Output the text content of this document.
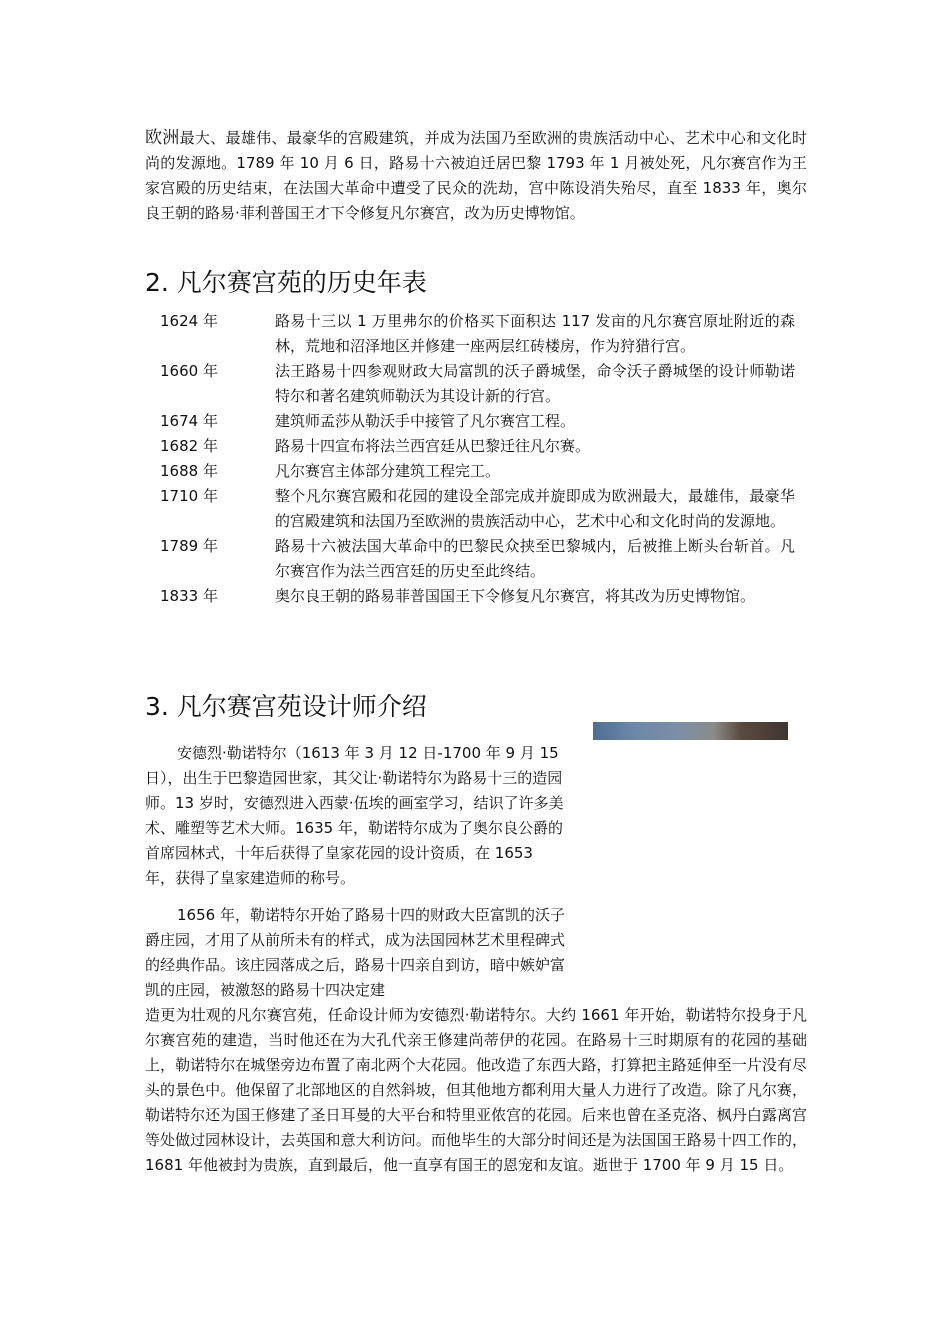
欧洲最大、最雄伟、最豪华的宫殿建筑，并成为法国乃至欧洲的贵族活动中心、艺术中心和文化时尚的发源地。1789 年 10 月 6 日，路易十六被迫迁居巴黎 1793 年 1 月被处死，凡尔赛宫作为王家宫殿的历史结束，在法国大革命中遭受了民众的洗劫，宫中陈设消失殆尽，直至 1833 年，奥尔良王朝的路易·菲利普国王才下令修复凡尔赛宫，改为历史博物馆。

2. 凡尔赛宫苑的历史年表
1624 年	路易十三以 1 万里弗尔的价格买下面积达 117 发亩的凡尔赛宫原址附近的森林，荒地和沼泽地区并修建一座两层红砖楼房，作为狩猎行宫。
1660 年	法王路易十四参观财政大局富凯的沃子爵城堡，命令沃子爵城堡的设计师勒诺特尔和著名建筑师勒沃为其设计新的行宫。
1674 年	建筑师孟莎从勒沃手中接管了凡尔赛宫工程。
1682 年	路易十四宣布将法兰西宫廷从巴黎迁往凡尔赛。
1688 年	凡尔赛宫主体部分建筑工程完工。
1710 年	整个凡尔赛宫殿和花园的建设全部完成并旋即成为欧洲最大，最雄伟，最豪华的宫殿建筑和法国乃至欧洲的贵族活动中心，艺术中心和文化时尚的发源地。
1789 年	路易十六被法国大革命中的巴黎民众挟至巴黎城内，后被推上断头台斩首。凡尔赛宫作为法兰西宫廷的历史至此终结。
1833 年	奥尔良王朝的路易菲普国国王下令修复凡尔赛宫，将其改为历史博物馆。
3. 凡尔赛宫苑设计师介绍

安德烈·勒诺特尔（1613 年 3 月 12 日-1700 年 9 月 15 日），出生于巴黎造园世家，其父让·勒诺特尔为路易十三的造园师。13 岁时，安德烈进入西蒙·伍埃的画室学习，结识了许多美术、雕塑等艺术大师。1635 年，勒诺特尔成为了奥尔良公爵的首席园林式，十年后获得了皇家花园的设计资质，在 1653 年，获得了皇家建造师的称号。

1656 年，勒诺特尔开始了路易十四的财政大臣富凯的沃子爵庄园，才用了从前所未有的样式，成为法国园林艺术里程碑式的经典作品。该庄园落成之后，路易十四亲自到访，暗中嫉妒富凯的庄园，被激怒的路易十四决定建

造更为壮观的凡尔赛宫苑，任命设计师为安德烈·勒诺特尔。大约 1661 年开始，勒诺特尔投身于凡尔赛宫苑的建造，当时他还在为大孔代亲王修建尚蒂伊的花园。在路易十三时期原有的花园的基础上，勒诺特尔在城堡旁边布置了南北两个大花园。他改造了东西大路，打算把主路延伸至一片没有尽头的景色中。他保留了北部地区的自然斜坡，但其他地方都利用大量人力进行了改造。除了凡尔赛，勒诺特尔还为国王修建了圣日耳曼的大平台和特里亚侬宫的花园。后来也曾在圣克洛、枫丹白露离宫等处做过园林设计，去英国和意大利访问。而他毕生的大部分时间还是为法国国王路易十四工作的，1681 年他被封为贵族，直到最后，他一直享有国王的恩宠和友谊。逝世于 1700 年 9 月 15 日。
